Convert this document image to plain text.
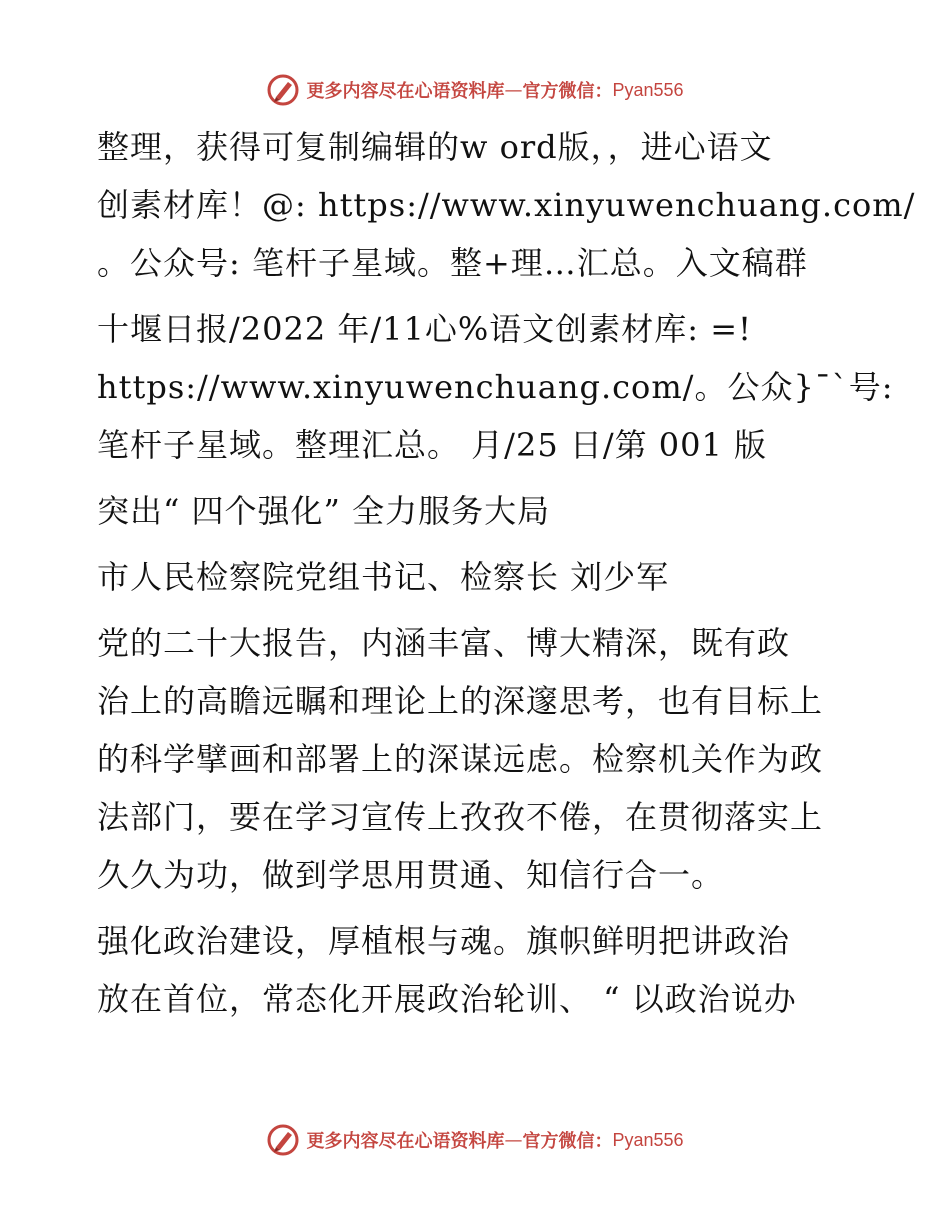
更多内容尽在心语资料库 — 官方微信： Pyan556
整理，获得可复制编辑的w ord版，，进心语文
创素材库！@: https://www.xinyuwenchuang.com/
。公众号: 笔杆子星域。整+理…汇总。入文稿群
十堰日报/2022 年/11心%语文创素材库: =!
https://www.xinyuwenchuang.com/。公众}¯`号:
笔杆子星域。整理汇总。 月/25 日/第 001 版
突出“ 四个强化” 全力服务大局
市人民检察院党组书记、检察长 刘少军
党的二十大报告，内涵丰富、博大精深，既有政
治上的高瞻远瞩和理论上的深邃思考，也有目标上
的科学擘画和部署上的深谋远虑。检察机关作为政
法部门，要在学习宣传上孜孜不倦，在贯彻落实上
久久为功，做到学思用贯通、知信行合一。
强化政治建设，厚植根与魂。旗帜鲜明把讲政治
放在首位，常态化开展政治轮训、 “ 以政治说办
更多内容尽在心语资料库 — 官方微信： Pyan556
